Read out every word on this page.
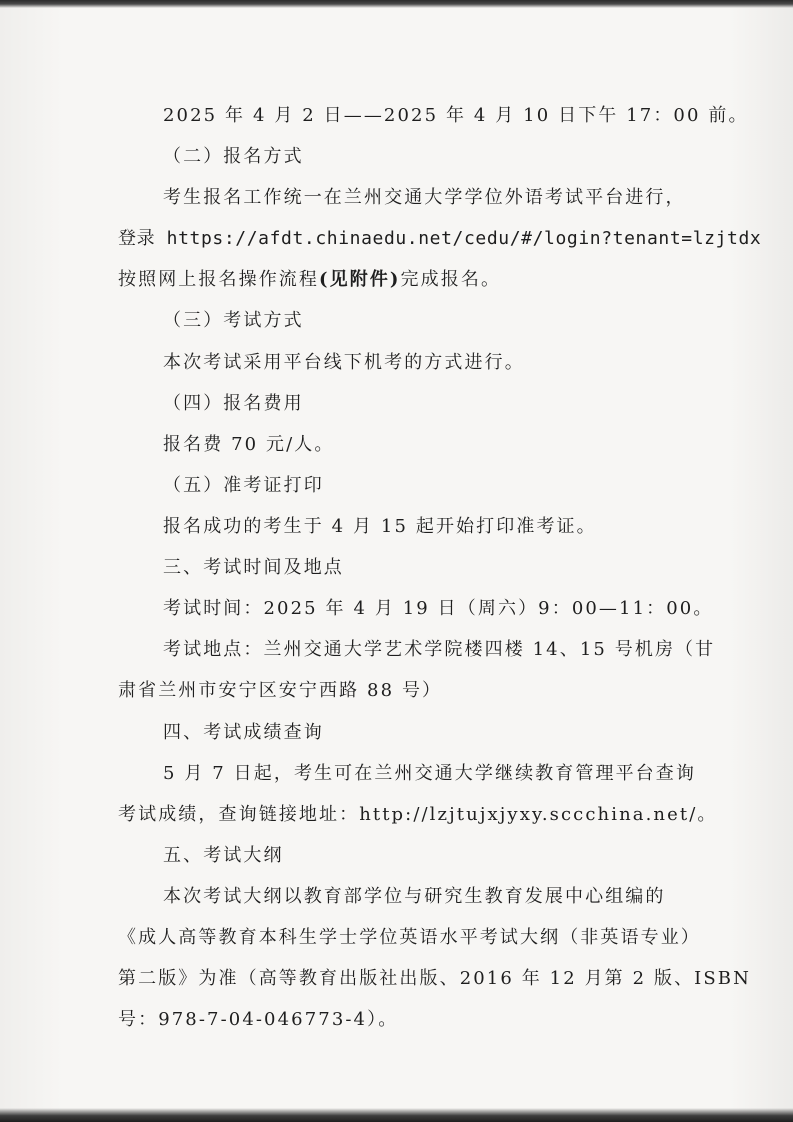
2025 年 4 月 2 日——2025 年 4 月 10 日下午 17：00 前。
（二）报名方式
考生报名工作统一在兰州交通大学学位外语考试平台进行，
登录 https://afdt.chinaedu.net/cedu/#/login?tenant=lzjtdx
按照网上报名操作流程(见附件)完成报名。
（三）考试方式
本次考试采用平台线下机考的方式进行。
（四）报名费用
报名费 70 元/人。
（五）准考证打印
报名成功的考生于 4 月 15 起开始打印准考证。
三、考试时间及地点
考试时间：2025 年 4 月 19 日（周六）9：00—11：00。
考试地点：兰州交通大学艺术学院楼四楼 14、15 号机房（甘
肃省兰州市安宁区安宁西路 88 号）
四、考试成绩查询
5 月 7 日起，考生可在兰州交通大学继续教育管理平台查询
考试成绩，查询链接地址：http://lzjtujxjyxy.sccchina.net/。
五、考试大纲
本次考试大纲以教育部学位与研究生教育发展中心组编的
《成人高等教育本科生学士学位英语水平考试大纲（非英语专业）
第二版》为准（高等教育出版社出版、2016 年 12 月第 2 版、ISBN
号：978-7-04-046773-4）。
